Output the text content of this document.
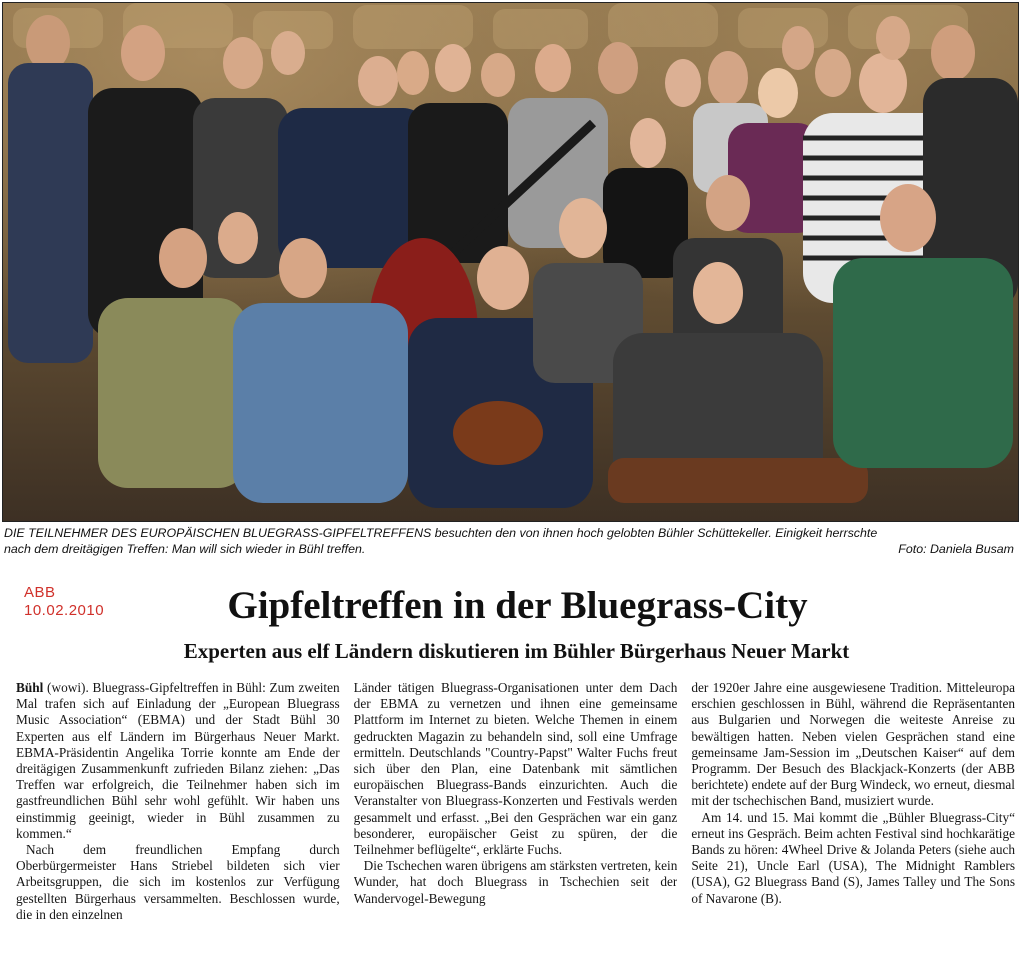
DIE TEILNEHMER DES EUROPÄISCHEN BLUEGRASS-GIPFELTREFFENS besuchten den von ihnen hoch gelobten Bühler Schüttekeller. Einigkeit herrschte
nach dem dreitägigen Treffen: Man will sich wieder in Bühl treffen.	Foto: Daniela Busam
ABB
10.02.2010	Gipfeltreffen in der Bluegrass-City
Experten aus elf Ländern diskutieren im Bühler Bürgerhaus Neuer Markt

Bühl (wowi). Bluegrass-Gipfeltreffen in Bühl: Zum zweiten Mal trafen sich auf Einladung der „European Bluegrass Music Association“ (EBMA) und der Stadt Bühl 30 Experten aus elf Ländern im Bürgerhaus Neuer Markt. EBMA-Präsidentin Angelika Torrie konnte am Ende der dreitägigen Zusammenkunft zufrieden Bilanz ziehen: „Das Treffen war erfolgreich, die Teilnehmer haben sich im gastfreundlichen Bühl sehr wohl gefühlt. Wir haben uns einstimmig geeinigt, wieder in Bühl zusammen zu kommen.“

Nach dem freundlichen Empfang durch Oberbürgermeister Hans Striebel bildeten sich vier Arbeitsgruppen, die sich im kostenlos zur Verfügung gestellten Bürgerhaus versammelten. Beschlossen wurde, die in den einzelnen

Länder tätigen Bluegrass-Organisationen unter dem Dach der EBMA zu vernetzen und ihnen eine gemeinsame Plattform im Internet zu bieten. Welche Themen in einem gedruckten Magazin zu behandeln sind, soll eine Umfrage ermitteln. Deutschlands "Country-Papst" Walter Fuchs freut sich über den Plan, eine Datenbank mit sämtlichen europäischen Bluegrass-Bands einzurichten. Auch die Veranstalter von Bluegrass-Konzerten und Festivals werden gesammelt und erfasst. „Bei den Gesprächen war ein ganz besonderer, europäischer Geist zu spüren, der die Teilnehmer beflügelte“, erklärte Fuchs.

Die Tschechen waren übrigens am stärksten vertreten, kein Wunder, hat doch Bluegrass in Tschechien seit der Wandervogel-Bewegung

der 1920er Jahre eine ausgewiesene Tradition. Mitteleuropa erschien geschlossen in Bühl, während die Repräsentanten aus Bulgarien und Norwegen die weiteste Anreise zu bewältigen hatten. Neben vielen Gesprächen stand eine gemeinsame Jam-Session im „Deutschen Kaiser“ auf dem Programm. Der Besuch des Blackjack-Konzerts (der ABB berichtete) endete auf der Burg Windeck, wo erneut, diesmal mit der tschechischen Band, musiziert wurde.

Am 14. und 15. Mai kommt die „Bühler Bluegrass-City“ erneut ins Gespräch. Beim achten Festival sind hochkarätige Bands zu hören: 4Wheel Drive & Jolanda Peters (siehe auch Seite 21), Uncle Earl (USA), The Midnight Ramblers (USA), G2 Bluegrass Band (S), James Talley und The Sons of Navarone (B).
